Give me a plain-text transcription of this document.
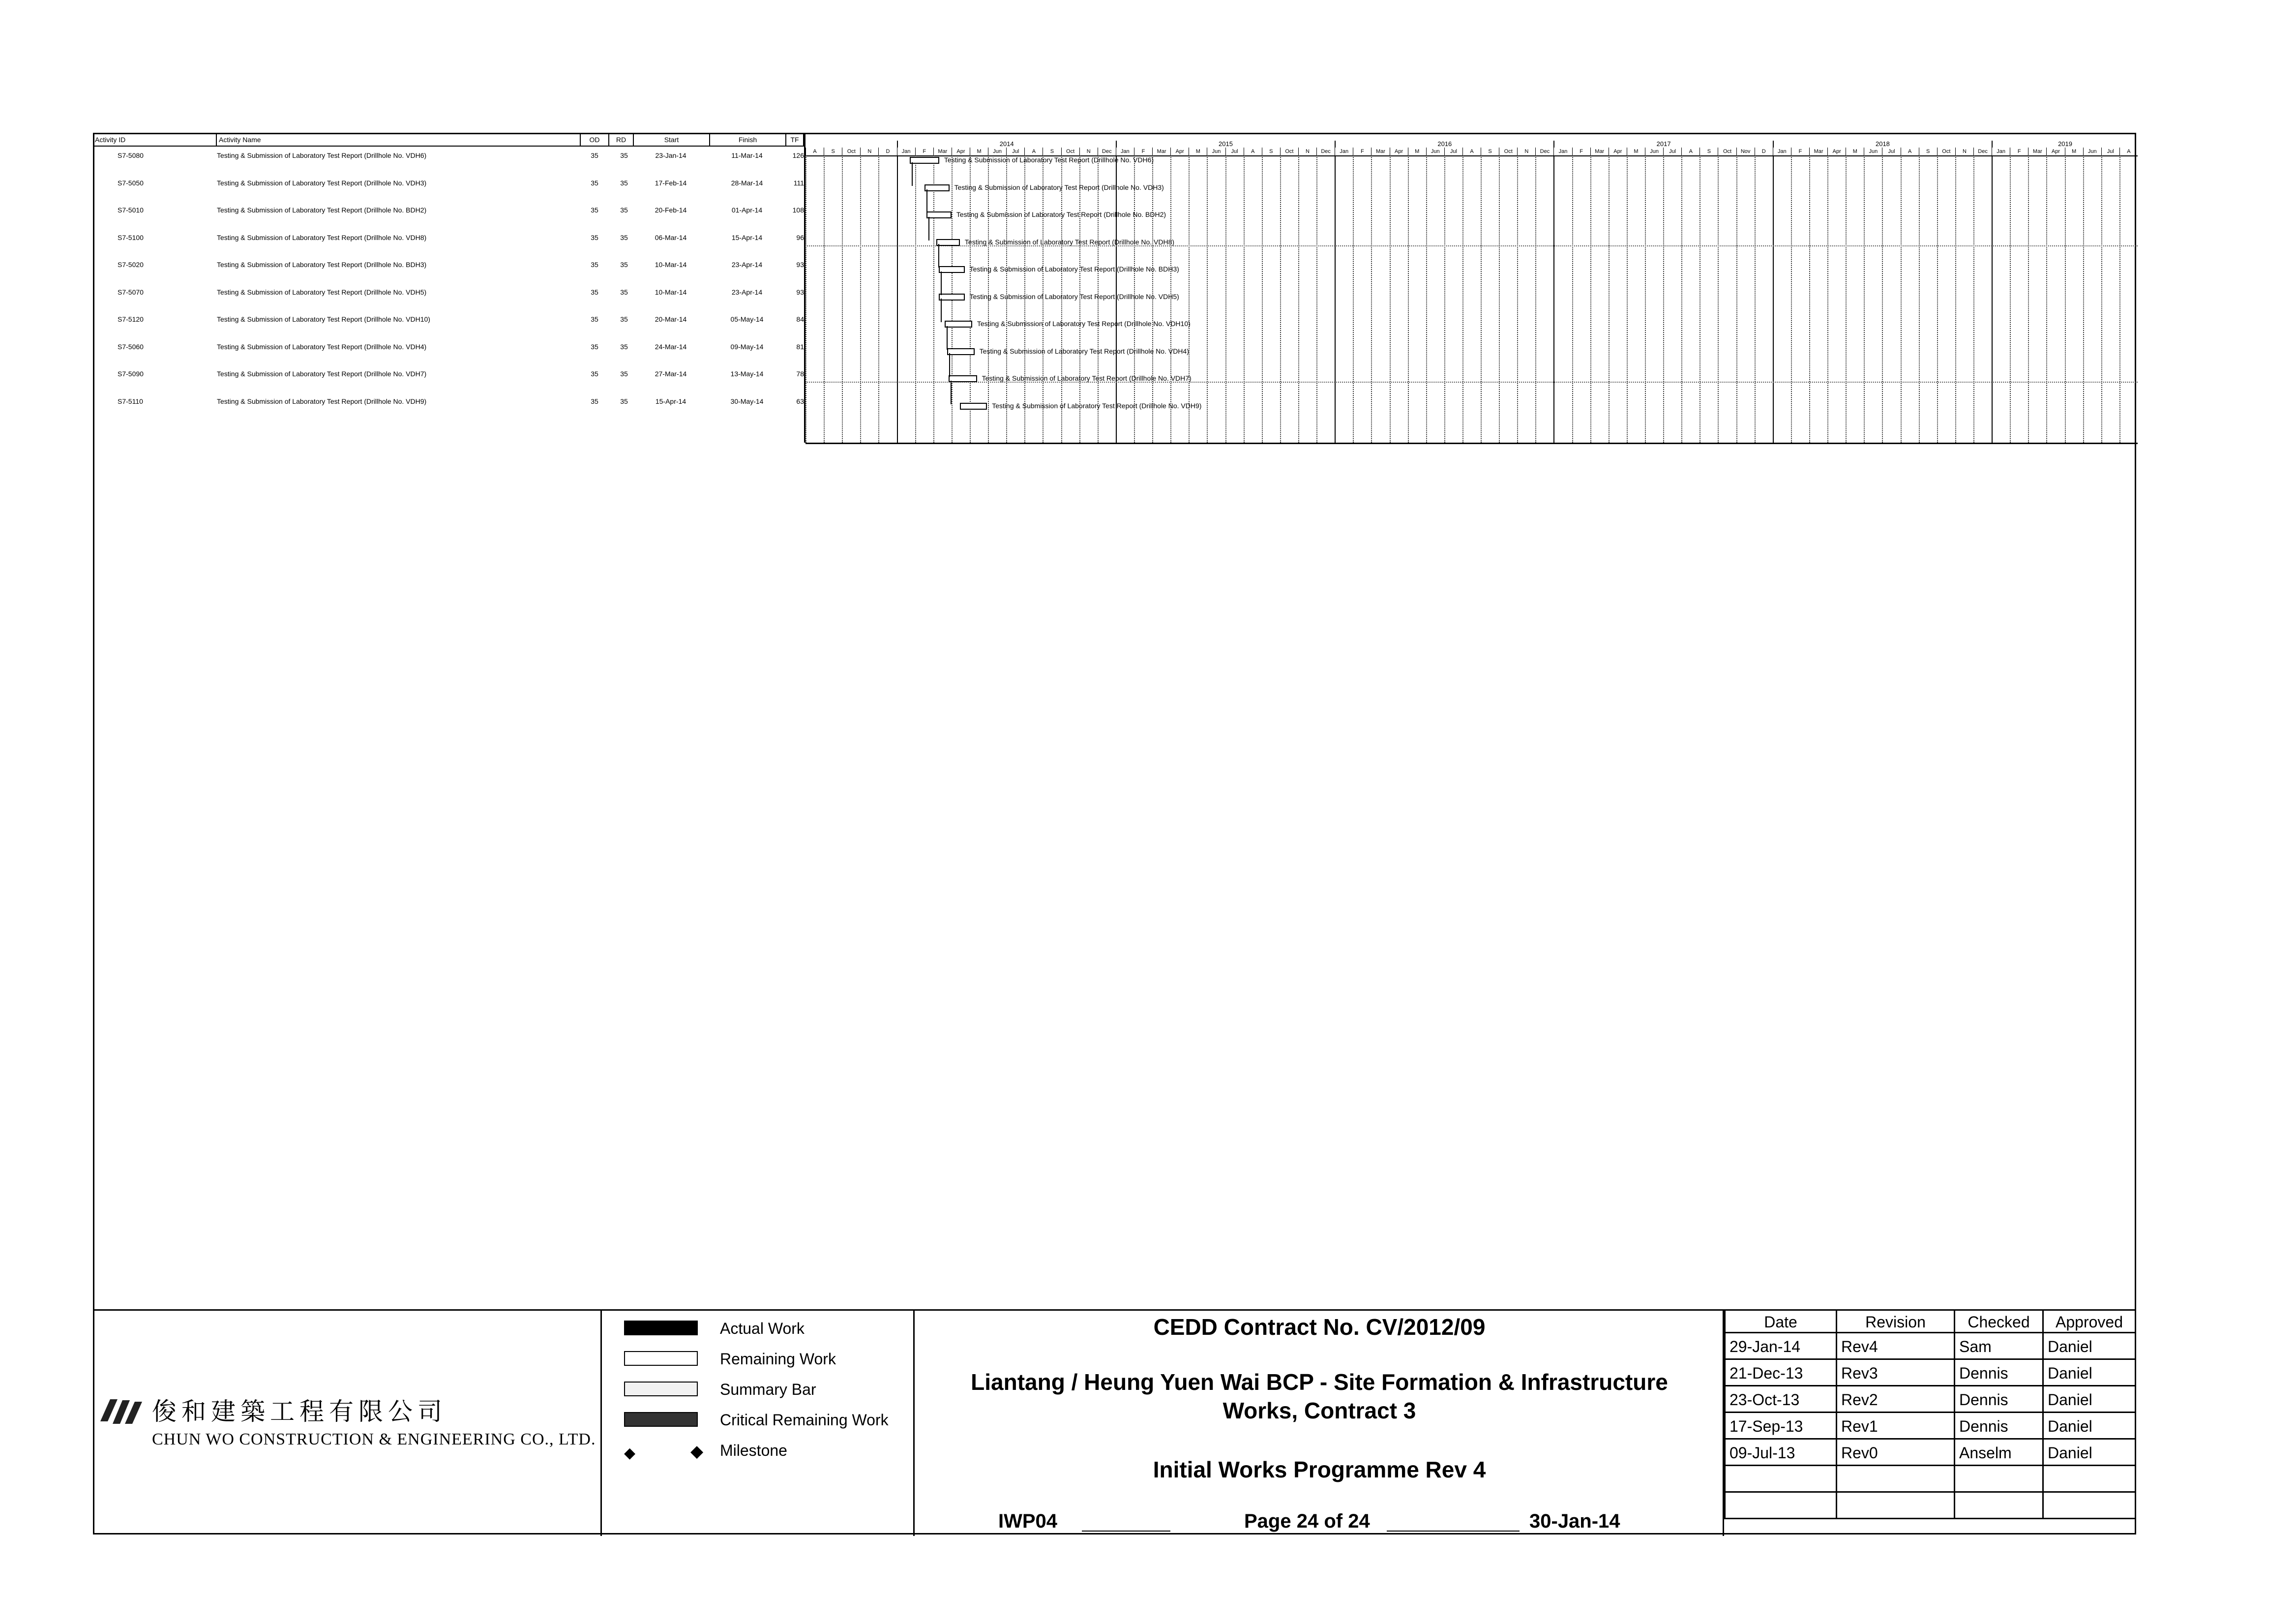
Activity ID	Activity Name	OD	RD	Start	Finish	TF
S7-5080	Testing & Submission of Laboratory Test Report (Drillhole No. VDH6)	35	35	23-Jan-14	11-Mar-14	126
S7-5050	Testing & Submission of Laboratory Test Report (Drillhole No. VDH3)	35	35	17-Feb-14	28-Mar-14	111
S7-5010	Testing & Submission of Laboratory Test Report (Drillhole No. BDH2)	35	35	20-Feb-14	01-Apr-14	108
S7-5100	Testing & Submission of Laboratory Test Report (Drillhole No. VDH8)	35	35	06-Mar-14	15-Apr-14	96
S7-5020	Testing & Submission of Laboratory Test Report (Drillhole No. BDH3)	35	35	10-Mar-14	23-Apr-14	93
S7-5070	Testing & Submission of Laboratory Test Report (Drillhole No. VDH5)	35	35	10-Mar-14	23-Apr-14	93
S7-5120	Testing & Submission of Laboratory Test Report (Drillhole No. VDH10)	35	35	20-Mar-14	05-May-14	84
S7-5060	Testing & Submission of Laboratory Test Report (Drillhole No. VDH4)	35	35	24-Mar-14	09-May-14	81
S7-5090	Testing & Submission of Laboratory Test Report (Drillhole No. VDH7)	35	35	27-Mar-14	13-May-14	78
S7-5110	Testing & Submission of Laboratory Test Report (Drillhole No. VDH9)	35	35	15-Apr-14	30-May-14	63
2014	2015	2016	2017	2018	2019
A	S	Oct	N	D	Jan	F	Mar	Apr	M	Jun	Jul	A	S	Oct	N	Dec	Jan	F	Mar	Apr	M	Jun	Jul	A	S	Oct	N	Dec	Jan	F	Mar	Apr	M	Jun	Jul	A	S	Oct	N	Dec	Jan	F	Mar	Apr	M	Jun	Jul	A	S	Oct	Nov	D	Jan	F	Mar	Apr	M	Jun	Jul	A	S	Oct	N	Dec	Jan	F	Mar	Apr	M	Jun	Jul	A
Testing & Submission of Laboratory Test Report (Drillhole No. VDH6)
Testing & Submission of Laboratory Test Report (Drillhole No. VDH3)
Testing & Submission of Laboratory Test Report (Drillhole No. BDH2)
Testing & Submission of Laboratory Test Report (Drillhole No. VDH8)
Testing & Submission of Laboratory Test Report (Drillhole No. BDH3)
Testing & Submission of Laboratory Test Report (Drillhole No. VDH5)
Testing & Submission of Laboratory Test Report (Drillhole No. VDH10)
Testing & Submission of Laboratory Test Report (Drillhole No. VDH4)
Testing & Submission of Laboratory Test Report (Drillhole No. VDH7)
Testing & Submission of Laboratory Test Report (Drillhole No. VDH9)
俊和建築工程有限公司
CHUN WO CONSTRUCTION & ENGINEERING CO., LTD.
Actual Work
Remaining Work
Summary Bar
Critical Remaining Work
◆	◆ Milestone
CEDD Contract No. CV/2012/09
Liantang / Heung Yuen Wai BCP - Site Formation & Infrastructure
Works, Contract 3
Initial Works Programme Rev 4
IWP04	Page 24 of 24	30-Jan-14
Date	Revision	Checked	Approved
29-Jan-14	Rev4	Sam	Daniel
21-Dec-13	Rev3	Dennis	Daniel
23-Oct-13	Rev2	Dennis	Daniel
17-Sep-13	Rev1	Dennis	Daniel
09-Jul-13	Rev0	Anselm	Daniel
